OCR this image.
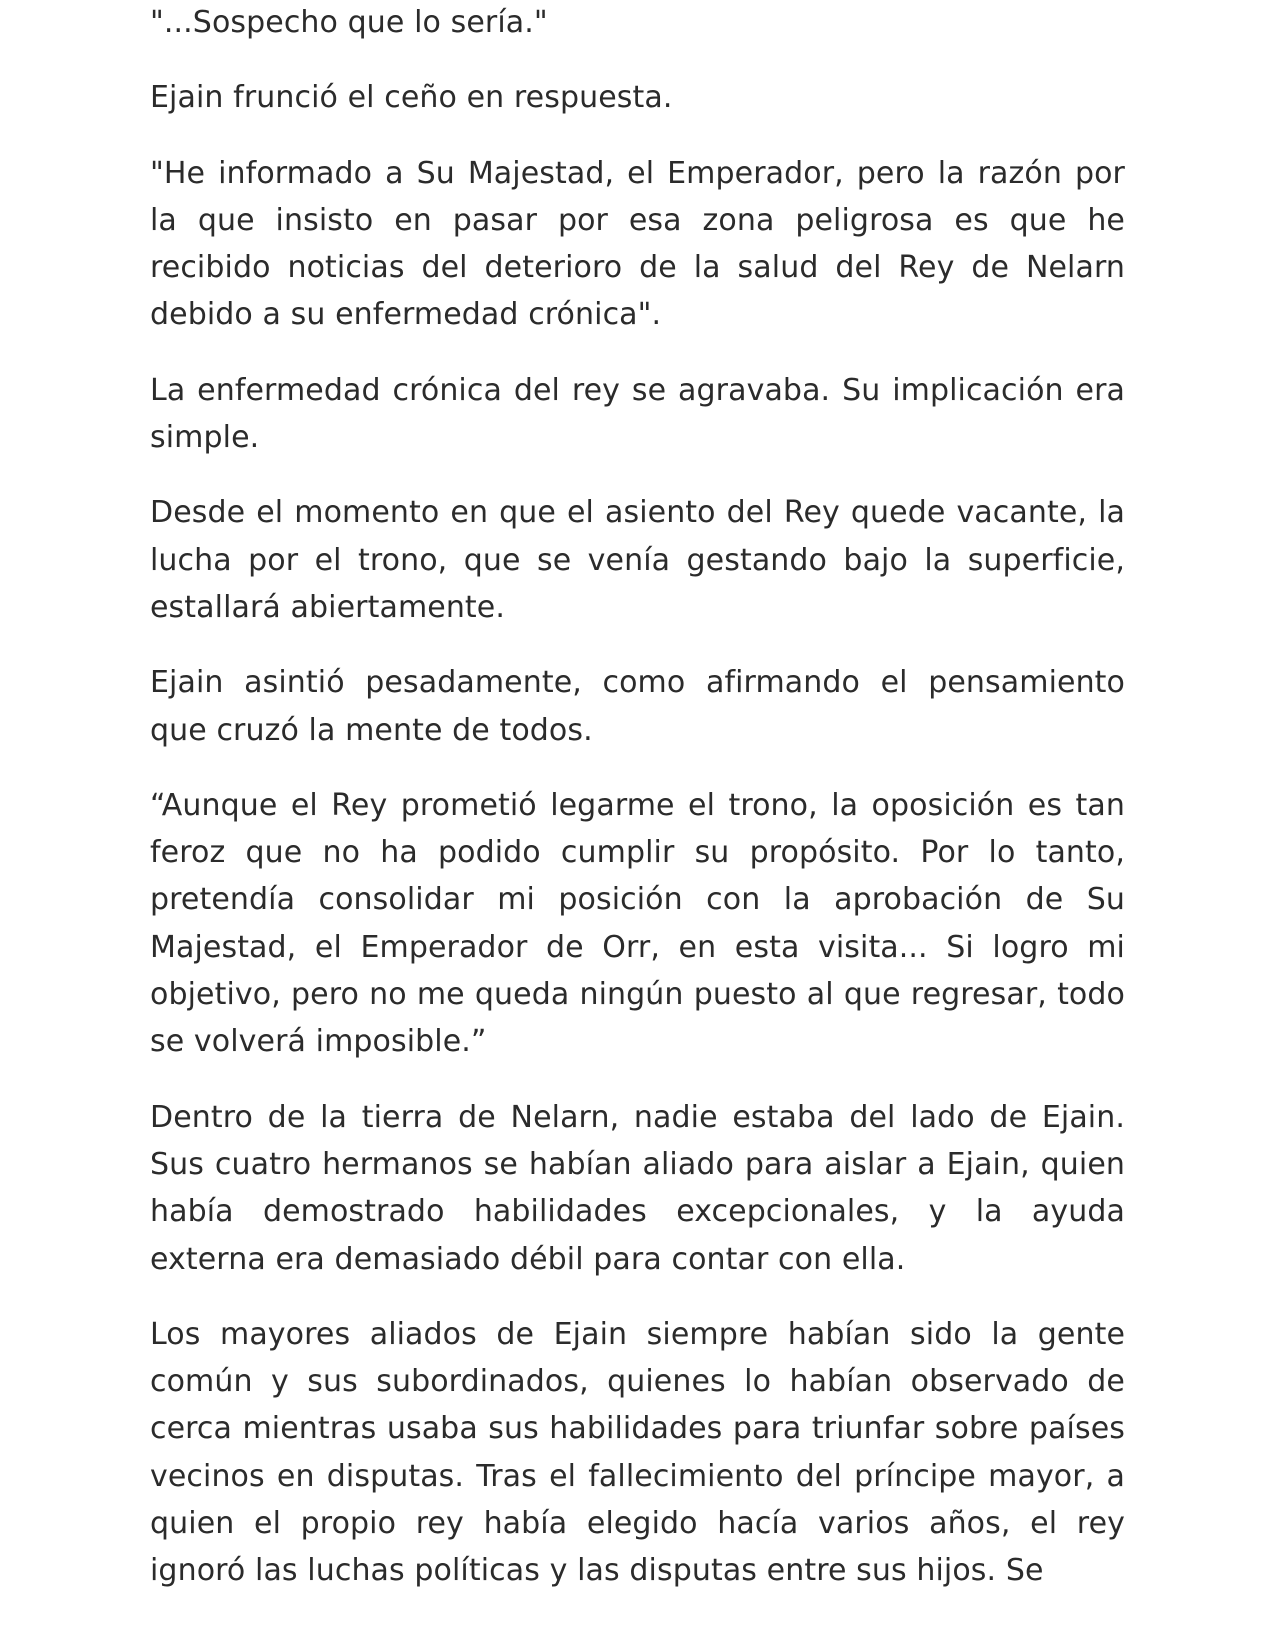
"...Sospecho que lo sería."

Ejain frunció el ceño en respuesta.

"He informado a Su Majestad, el Emperador, pero la razón por la que insisto en pasar por esa zona peligrosa es que he recibido noticias del deterioro de la salud del Rey de Nelarn debido a su enfermedad crónica".

La enfermedad crónica del rey se agravaba. Su implicación era simple.

Desde el momento en que el asiento del Rey quede vacante, la lucha por el trono, que se venía gestando bajo la superficie, estallará abiertamente.

Ejain asintió pesadamente, como afirmando el pensamiento que cruzó la mente de todos.

“Aunque el Rey prometió legarme el trono, la oposición es tan feroz que no ha podido cumplir su propósito. Por lo tanto, pretendía consolidar mi posición con la aprobación de Su Majestad, el Emperador de Orr, en esta visita... Si logro mi objetivo, pero no me queda ningún puesto al que regresar, todo se volverá imposible.”

Dentro de la tierra de Nelarn, nadie estaba del lado de Ejain. Sus cuatro hermanos se habían aliado para aislar a Ejain, quien había demostrado habilidades excepcionales, y la ayuda externa era demasiado débil para contar con ella.

Los mayores aliados de Ejain siempre habían sido la gente común y sus subordinados, quienes lo habían observado de cerca mientras usaba sus habilidades para triunfar sobre países vecinos en disputas. Tras el fallecimiento del príncipe mayor, a quien el propio rey había elegido hacía varios años, el rey ignoró las luchas políticas y las disputas entre sus hijos. Se
